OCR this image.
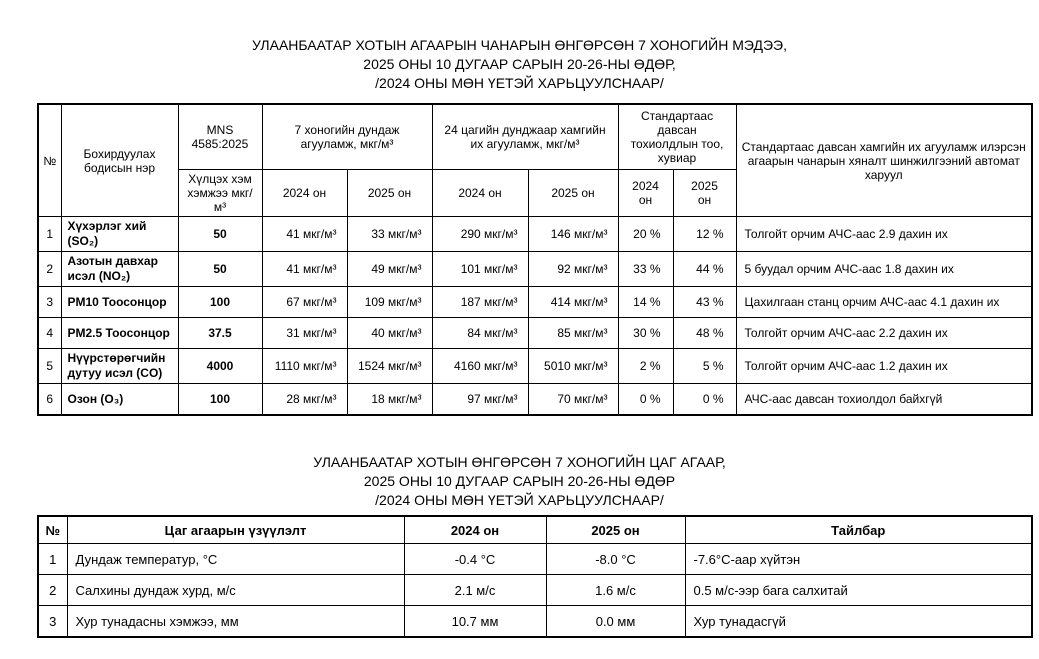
УЛААНБААТАР ХОТЫН АГААРЫН ЧАНАРЫН ӨНГӨРСӨН 7 ХОНОГИЙН МЭДЭЭ,
2025 ОНЫ 10 ДУГААР САРЫН 20-26-НЫ ӨДӨР,
/2024 ОНЫ МӨН ҮЕТЭЙ ХАРЬЦУУЛСНААР/
№	Бохирдуулах бодисын нэр	MNS 4585:2025	7 хоногийн дундаж агууламж, мкг/м³		24 цагийн дунджаар хамгийн их агууламж, мкг/м³		Стандартаас давсан тохиолдлын тоо, хувиар		Стандартаас давсан хамгийн их агууламж илэрсэн агаарын чанарын хяналт шинжилгээний автомат харуул
		Хүлцэх хэм хэмжээ мкг/м³	2024 он	2025 он	2024 он	2025 он	2024 он	2025 он	
1	Хүхэрлэг хий (SO₂)	50	41 мкг/м³	33 мкг/м³	290 мкг/м³	146 мкг/м³	20 %	12 %	Толгойт орчим АЧС-аас 2.9 дахин их
2	Азотын давхар исэл (NO₂)	50	41 мкг/м³	49 мкг/м³	101 мкг/м³	92 мкг/м³	33 %	44 %	5 буудал орчим АЧС-аас 1.8 дахин их
3	PM10 Тоосонцор	100	67 мкг/м³	109 мкг/м³	187 мкг/м³	414 мкг/м³	14 %	43 %	Цахилгаан станц орчим АЧС-аас 4.1 дахин их
4	PM2.5 Тоосонцор	37.5	31 мкг/м³	40 мкг/м³	84 мкг/м³	85 мкг/м³	30 %	48 %	Толгойт орчим АЧС-аас 2.2 дахин их
5	Нүүрстөрөгчийн дутуу исэл (CO)	4000	1110 мкг/м³	1524 мкг/м³	4160 мкг/м³	5010 мкг/м³	2 %	5 %	Толгойт орчим АЧС-аас 1.2 дахин их
6	Озон (O₃)	100	28 мкг/м³	18 мкг/м³	97 мкг/м³	70 мкг/м³	0 %	0 %	АЧС-аас давсан тохиолдол байхгүй
УЛААНБААТАР ХОТЫН ӨНГӨРСӨН 7 ХОНОГИЙН ЦАГ АГААР,
2025 ОНЫ 10 ДУГААР САРЫН 20-26-НЫ ӨДӨР
/2024 ОНЫ МӨН ҮЕТЭЙ ХАРЬЦУУЛСНААР/
№	Цаг агаарын үзүүлэлт	2024 он	2025 он	Тайлбар
1	Дундаж температур, °C	-0.4 °C	-8.0 °C	-7.6°C-аар хүйтэн
2	Салхины дундаж хурд, м/с	2.1 м/с	1.6 м/с	0.5 м/с-ээр бага салхитай
3	Хур тунадасны хэмжээ, мм	10.7 мм	0.0 мм	Хур тунадасгүй
